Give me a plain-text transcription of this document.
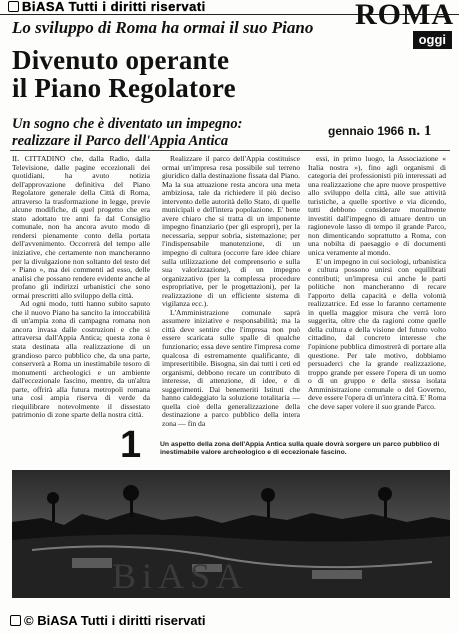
BiASA Tutti i diritti riservati	ROMA
oggi
Lo sviluppo di Roma ha ormai il suo Piano
Divenuto operante
il Piano Regolatore
Un sogno che è diventato un impegno:
realizzare il Parco dell'Appia Antica
gennaio 1966 n. 1

IL CITTADINO che, dalla Radio, dalla Televisione, dalle pagine eccezionali dei quotidiani, ha avuto notizia dell'approvazione definitiva del Piano Regolatore generale della Città di Roma, attraverso la trasformazione in legge, previe alcune modifiche, di quel progetto che era stato adottato tre anni fa dal Consiglio comunale, non ha ancora avuto modo di rendersi pienamente conto della portata dell'avvenimento. Occorrerà del tempo alle iniziative, che certamente non mancheranno per la divulgazione non soltanto del testo del « Piano », ma dei commenti ad esso, delle analisi che possano rendere evidente anche al profano gli indirizzi urbanistici che sono ormai prescritti allo sviluppo della città.

Ad ogni modo, tutti hanno subito saputo che il nuovo Piano ha sancito la intoccabilità di un'ampia zona di campagna romana non ancora invasa dalle costruzioni e che si attraversa dall'Appia Antica; questa zona è stata destinata alla realizzazione di un grandioso parco pubblico che, da una parte, conserverà a Roma un inestimabile tesoro di monumenti archeologici e un ambiente dall'eccezionale fascino, mentre, da un'altra parte, offrirà alla futura metropoli romana una così ampia riserva di verde da riequilibrare notevolmente il dissestato patrimonio di zone sparte della nostra città.

Realizzare il parco dell'Appia costituisce ormai un'impresa resa possibile sul terreno giuridico dalla destinazione fissata dal Piano. Ma la sua attuazione resta ancora una meta ambiziosa, tale da richiedere il più deciso intervento delle autorità dello Stato, di quelle municipali e dell'intera popolazione. E' bene avere chiaro che si tratta di un imponente impegno finanziario (per gli espropri), per la necessaria, seppur sobria, sistemazione; per l'indispensabile manutenzione, di un impegno di cultura (occorre fare idee chiare sulla utilizzazione del comprensorio e sulla sua valorizzazione), di un impegno organizzativo (per la complessa procedure espropriative, per le progettazioni), per la realizzazione di un efficiente sistema di vigilanza ecc.).

L'Amministrazione comunale saprà assumere iniziative e responsabilità; ma la città deve sentire che l'impresa non può essere scaricata sulle spalle di qualche funzionario; essa deve sentire l'impresa come qualcosa di estremamente qualificante, di impreseritibile. Bisogna, sin dai tutti i ceti ed organismi, debbono recare un contributo di interesse, di attenzione, di idee, e di suggerimenti. Dai benemeriti Istituti che hanno caldeggiato la soluzione totalitaria — quella cioè della generalizzazione della destinazione a parco pubblico della intera zona — fin da

essi, in primo luogo, la Associazione « Italia nostra »), fino agli organismi di categoria dei professionisti più interessati ad una realizzazione che apre nuove prospettive allo sviluppo della città, alle sue attività turistiche, a quelle sportive e via dicendo, tutti debbono considerare moralmente investiti dall'impegno di attuare dentro un ragionevole lasso di tempo il grande Parco, non dimenticando soprattutto a Roma, con una nobilta di paesaggio e di documenti unica veramente al mondo.

E' un impegno in cui sociologi, urbanistica e cultura possono unirsi con equilibrati contributi; un'impresa cui anche le parti politiche non mancheranno di recare l'apporto della capacità e della volontà realizzatrice. Ed esse lo faranno certamente in quella maggior misura che verrà loro suggerita, oltre che da ragioni come quelle della cultura e della visione del futuro volto cittadino, dal concreto interesse che l'opinione pubblica dimostrerà di portare alla questione. Per tale motivo, dobbiamo persuaderci che la grande realizzazione, troppo grande per essere l'opera di un uomo o di un gruppo e della stessa isolata Amministrazione comunale o del Governo, deve essere l'opera di un'intera città. E' Roma che deve saper volere il suo grande Parco.

1	Un aspetto della zona dell'Appia Antica sulla quale dovrà sorgere un parco pubblico di inestimabile valore archeologico e di eccezionale fascino.
BiASA
© BiASA Tutti i diritti riservati
